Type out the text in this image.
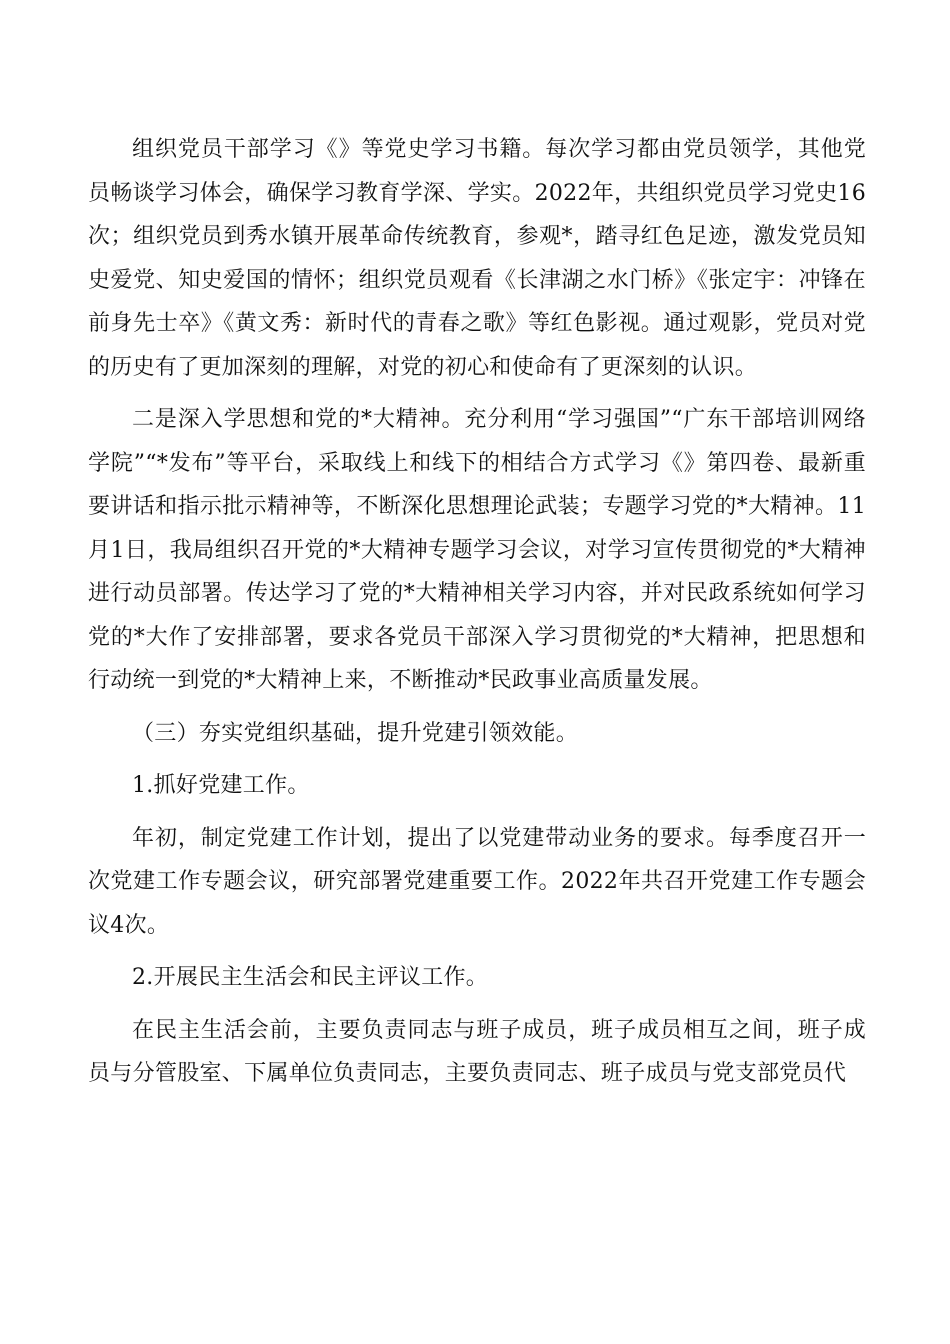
组织党员干部学习《》等党史学习书籍。每次学习都由党员领学，其他党员畅谈学习体会，确保学习教育学深、学实。2022年，共组织党员学习党史16次；组织党员到秀水镇开展革命传统教育，参观*，踏寻红色足迹，激发党员知史爱党、知史爱国的情怀；组织党员观看《长津湖之水门桥》《张定宇：冲锋在前身先士卒》《黄文秀：新时代的青春之歌》等红色影视。通过观影，党员对党的历史有了更加深刻的理解，对党的初心和使命有了更深刻的认识。

二是深入学思想和党的*大精神。充分利用“学习强国”“广东干部培训网络学院”“*发布”等平台，采取线上和线下的相结合方式学习《》第四卷、最新重要讲话和指示批示精神等，不断深化思想理论武装；专题学习党的*大精神。11月1日，我局组织召开党的*大精神专题学习会议，对学习宣传贯彻党的*大精神进行动员部署。传达学习了党的*大精神相关学习内容，并对民政系统如何学习党的*大作了安排部署，要求各党员干部深入学习贯彻党的*大精神，把思想和行动统一到党的*大精神上来，不断推动*民政事业高质量发展。

（三）夯实党组织基础，提升党建引领效能。

1.抓好党建工作。

年初，制定党建工作计划，提出了以党建带动业务的要求。每季度召开一次党建工作专题会议，研究部署党建重要工作。2022年共召开党建工作专题会议4次。

2.开展民主生活会和民主评议工作。

在民主生活会前，主要负责同志与班子成员，班子成员相互之间，班子成员与分管股室、下属单位负责同志，主要负责同志、班子成员与党支部党员代
